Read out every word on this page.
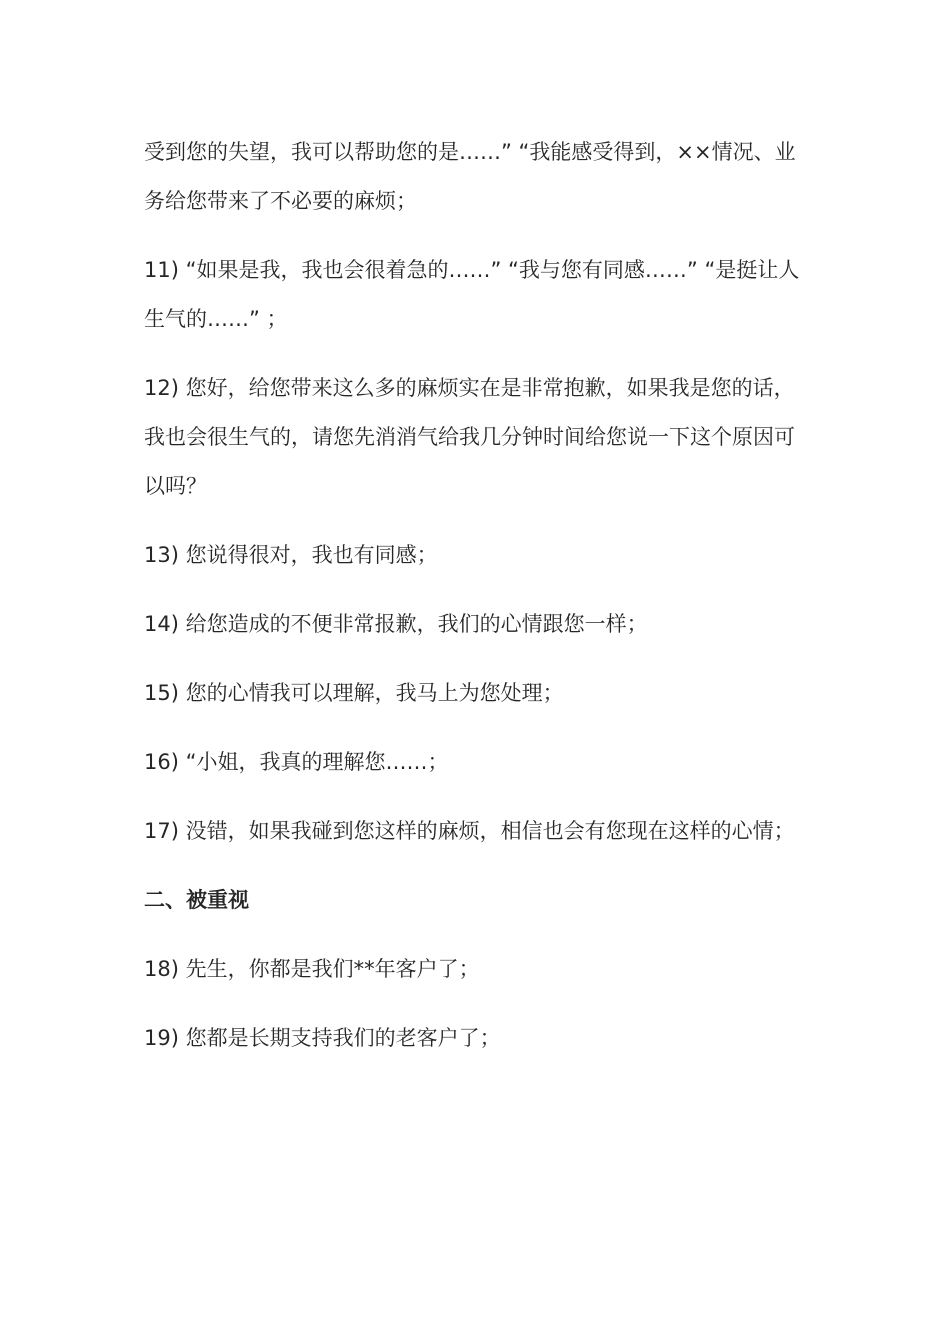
受到您的失望，我可以帮助您的是……” “我能感受得到，××情况、业务给您带来了不必要的麻烦；

11) “如果是我，我也会很着急的……” “我与您有同感……” “是挺让人生气的……” ；

12) 您好，给您带来这么多的麻烦实在是非常抱歉，如果我是您的话，我也会很生气的，请您先消消气给我几分钟时间给您说一下这个原因可以吗？

13) 您说得很对，我也有同感；

14) 给您造成的不便非常报歉，我们的心情跟您一样；

15) 您的心情我可以理解，我马上为您处理；

16) “小姐，我真的理解您……；

17) 没错，如果我碰到您这样的麻烦，相信也会有您现在这样的心情；

二、被重视

18) 先生，你都是我们**年客户了；

19) 您都是长期支持我们的老客户了；
